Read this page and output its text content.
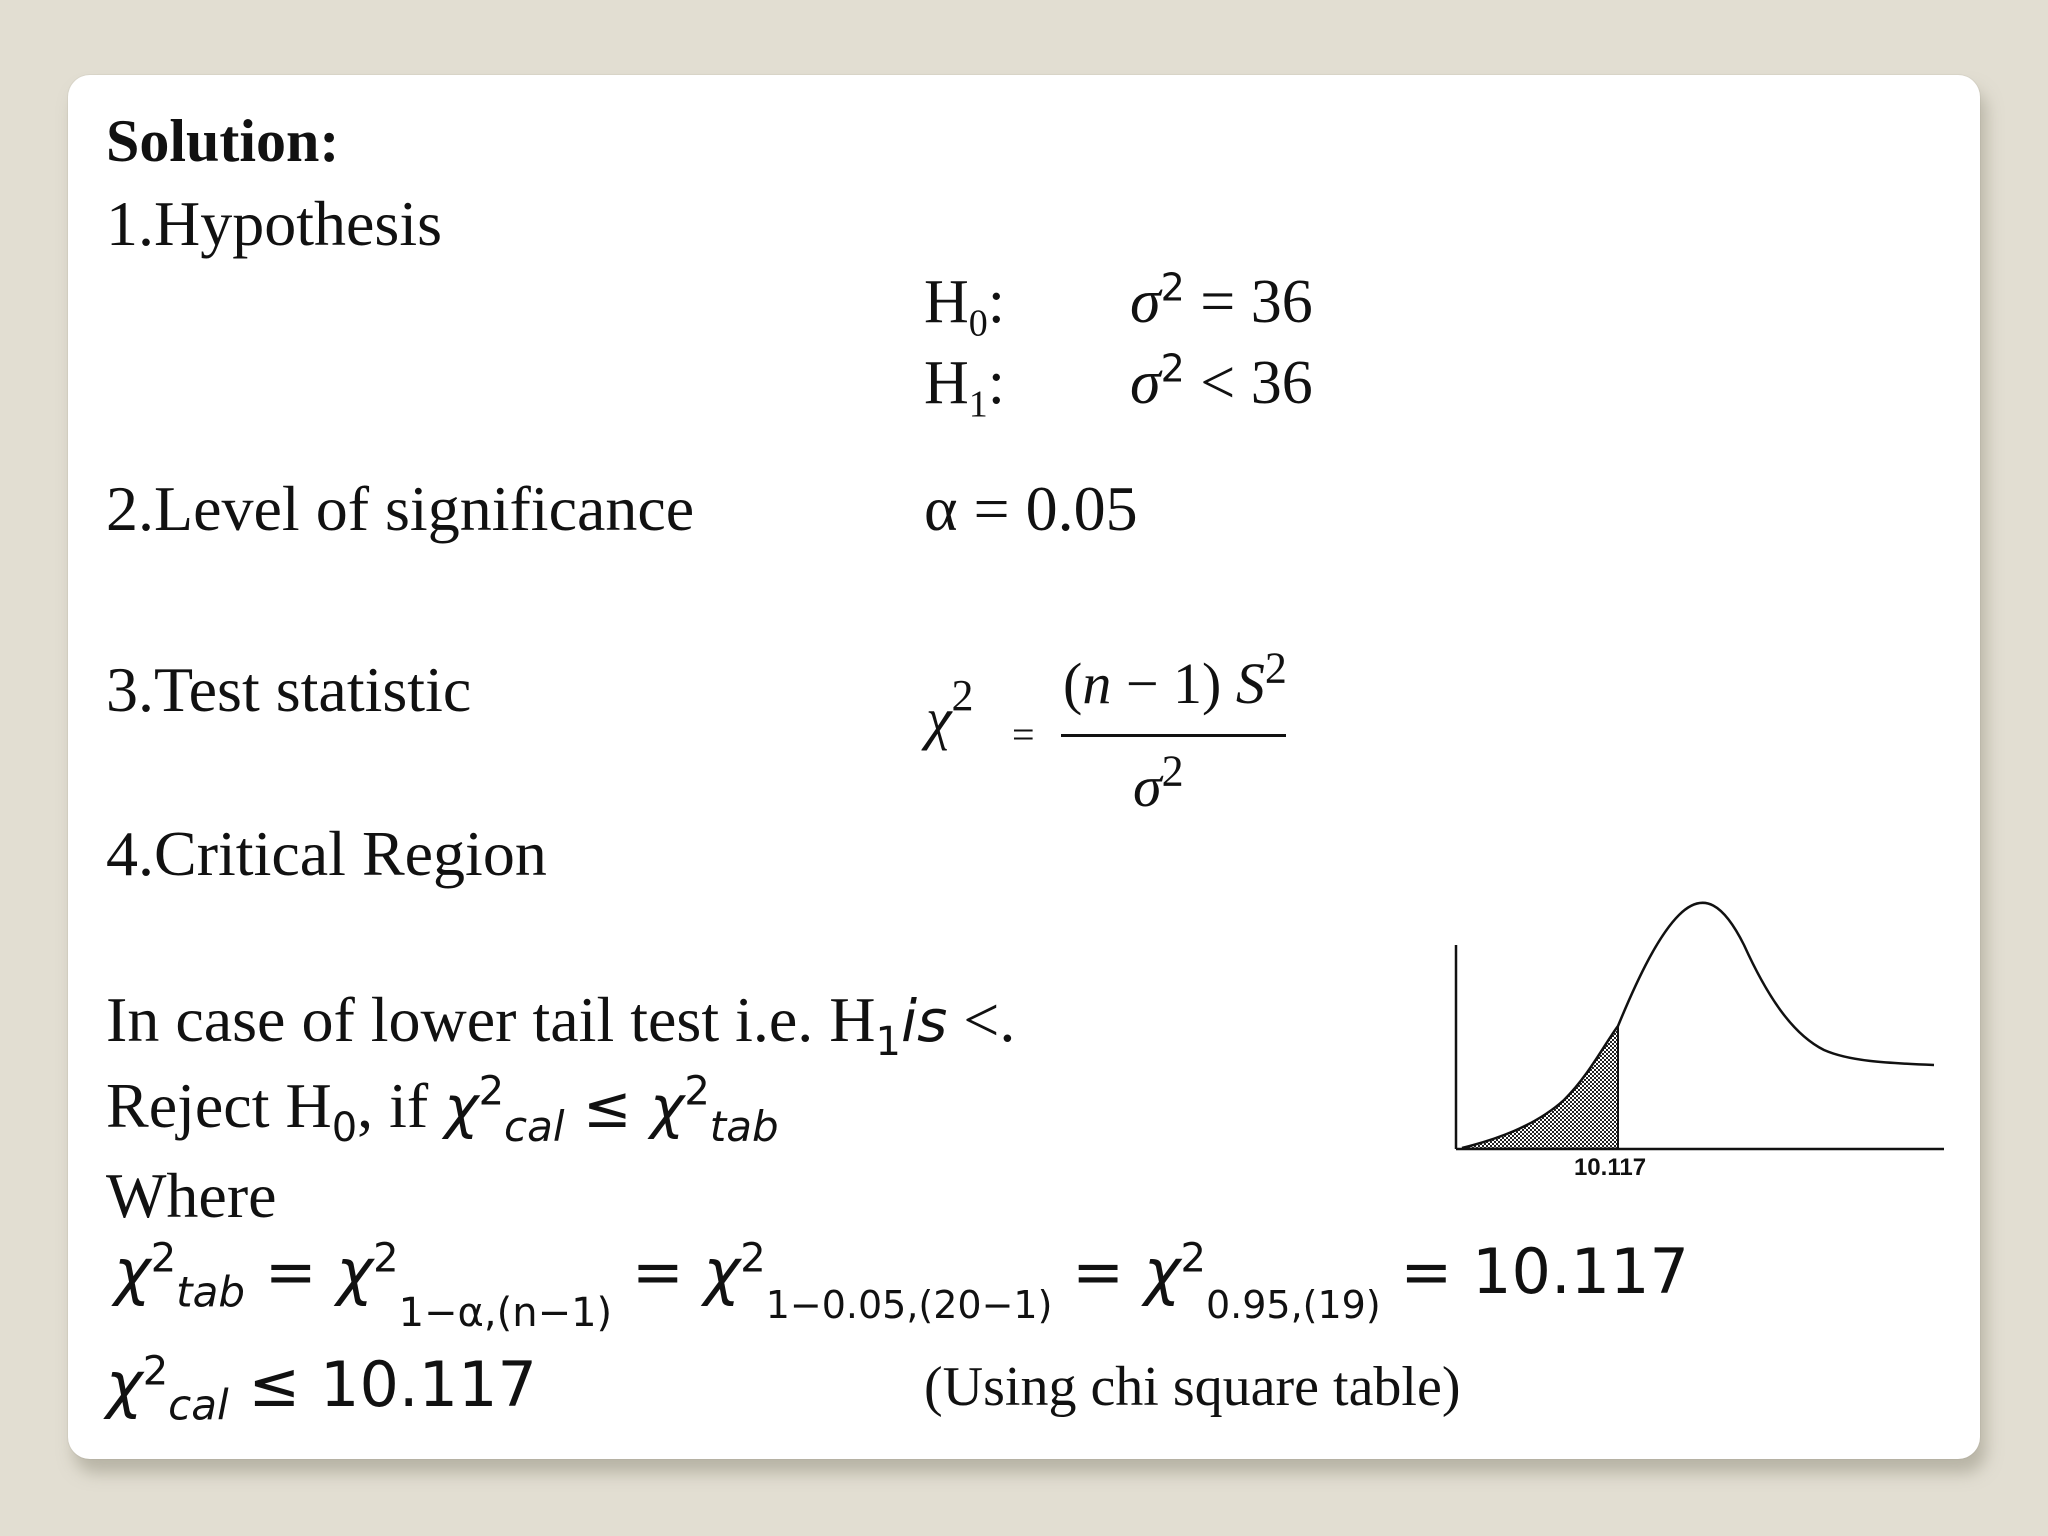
Solution:
1.Hypothesis
$H_0$: $\sigma^2 = 36$
$H_1$: $\sigma^2 < 36$
2.Level of significance	α = 0.05
3.Test statistic	$\chi^2$
=
(n − 1) $S^2$
$\sigma^2$
4.Critical Region
In case of lower tail test i.e. $H_1is$ <.
Reject $H_0$, if $\chi^2_{cal} \le \chi^2_{tab}$
Where
$\chi^2_{tab} = \chi^2_{1-\alpha,(n-1)} = \chi^2_{1-0.05,(20-1)} = \chi^2_{0.95,(19)} = 10.117$
$\chi^2_{cal} \le 10.117$	(Using chi square table)
10.117
